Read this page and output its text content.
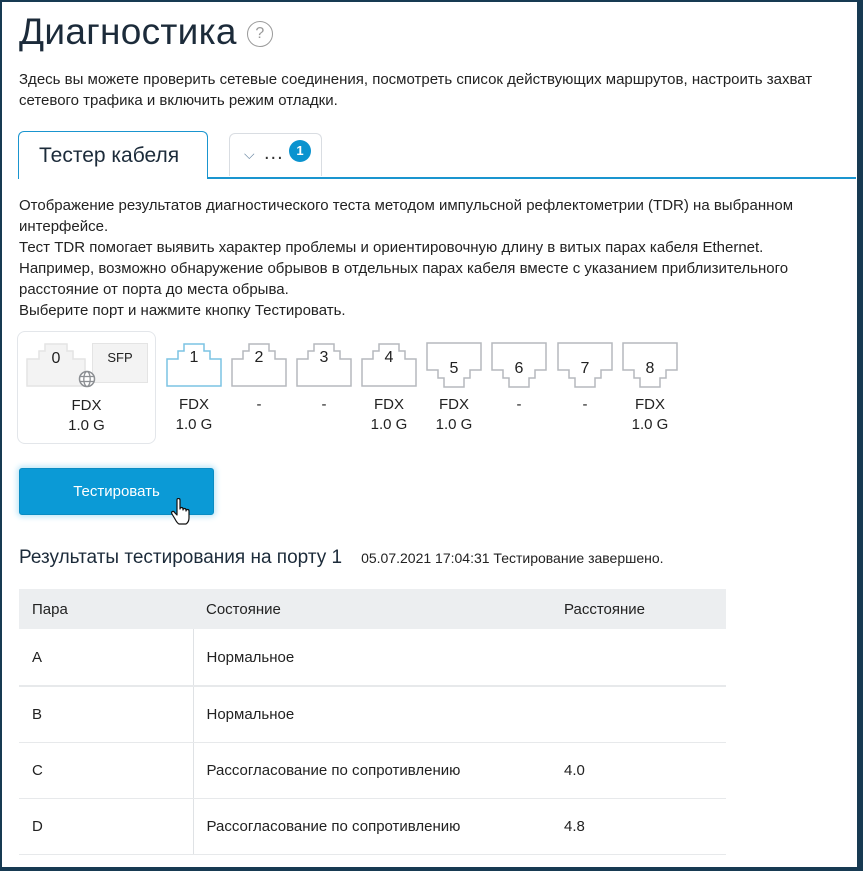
Диагностика	?
Здесь вы можете проверить сетевые соединения, посмотреть список действующих маршрутов, настроить захват сетевого трафика и включить режим отладки.
Тестер кабеля	⌵ ... 1
Отображение результатов диагностического теста методом импульсной рефлектометрии (TDR) на выбранном интерфейсе.
Тест TDR помогает выявить характер проблемы и ориентировочную длину в витых парах кабеля Ethernet.
Например, возможно обнаружение обрывов в отдельных парах кабеля вместе с указанием приблизительного расстояние от порта до места обрыва.
Выберите порт и нажмите кнопку Тестировать.
0	SFP
FDX
1.0 G
1
FDX
1.0 G
2
-
3
-
4
FDX
1.0 G
5
FDX
1.0 G
6
-
7
-
8
FDX
1.0 G
Тестировать
Результаты тестирования на порту 1 05.07.2021 17:04:31 Тестирование завершено.
Пара	Состояние	Расстояние
A	Нормальное	
B	Нормальное	
C	Рассогласование по сопротивлению	4.0
D	Рассогласование по сопротивлению	4.8
